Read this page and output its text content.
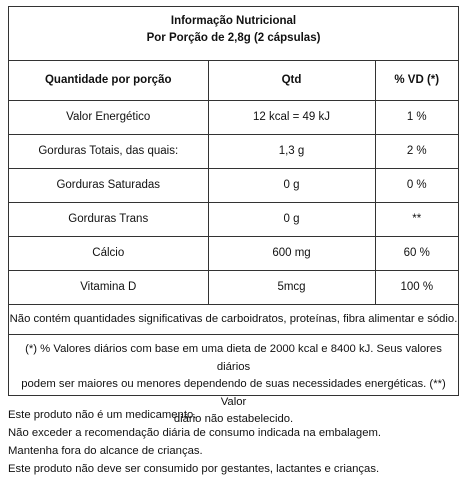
Informação Nutricional
Por Porção de 2,8g (2 cápsulas)
Quantidade por porção	Qtd	% VD (*)
Valor Energético	12 kcal = 49 kJ	1 %
Gorduras Totais, das quais:	1,3 g	2 %
Gorduras Saturadas	0 g	0 %
Gorduras Trans	0 g	**
Cálcio	600 mg	60 %
Vitamina D	5mcg	100 %
Não contém quantidades significativas de carboidratos, proteínas, fibra alimentar e sódio.
(*) % Valores diários com base em uma dieta de 2000 kcal e 8400 kJ. Seus valores diários
podem ser maiores ou menores dependendo de suas necessidades energéticas. (**) Valor
diário não estabelecido.
Este produto não é um medicamento.
Não exceder a recomendação diária de consumo indicada na embalagem.
Mantenha fora do alcance de crianças.
Este produto não deve ser consumido por gestantes, lactantes e crianças.
